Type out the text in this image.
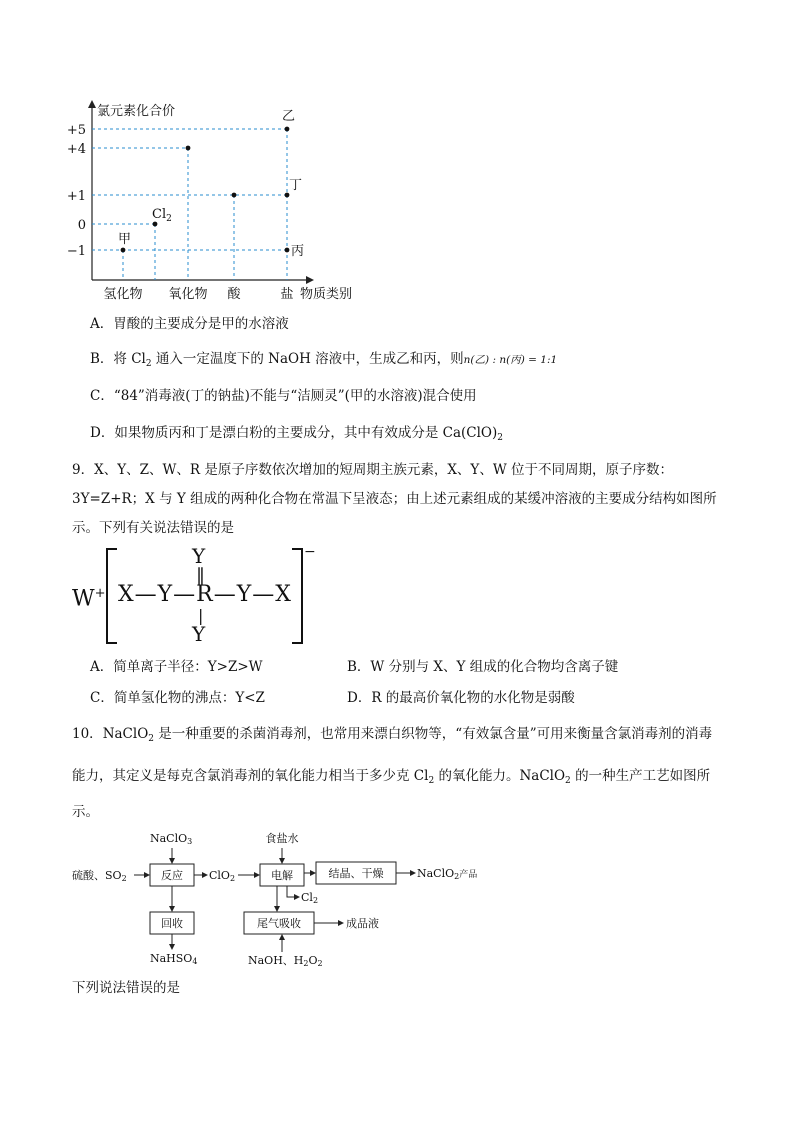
氯元素化合价
+5
+4
+1
0
−1
氢化物 氧化物 酸	盐 物质类别
甲
$Cl_2$
乙
丁
丙
A．胃酸的主要成分是甲的水溶液
B．将 $Cl_2$ 通入一定温度下的 NaOH 溶液中，生成乙和丙，则n(乙) : n(丙) = 1:1
C．“84”消毒液(丁的钠盐)不能与“洁厕灵”(甲的水溶液)混合使用
D．如果物质丙和丁是漂白粉的主要成分，其中有效成分是 $Ca(ClO)_2$
9．X、Y、Z、W、R 是原子序数依次增加的短周期主族元素，X、Y、W 位于不同周期，原子序数：
3Y=Z+R；X 与 Y 组成的两种化合物在常温下呈液态；由上述元素组成的某缓冲溶液的主要成分结构如图所
示。下列有关说法错误的是
W+
Y
‖
X—Y—R—Y—X
|
Y
−
A．简单离子半径：Y>Z>W	B．W 分别与 X、Y 组成的化合物均含离子键
C．简单氢化物的沸点：Y<Z	D．R 的最高价氧化物的水化物是弱酸
10．NaClO$_2$ 是一种重要的杀菌消毒剂，也常用来漂白织物等，“有效氯含量”可用来衡量含氯消毒剂的消毒
能力，其定义是每克含氯消毒剂的氧化能力相当于多少克 $Cl_2$ 的氧化能力。NaClO$_2$ 的一种生产工艺如图所
示。
硫酸、SO2
NaClO3
反应 ClO2
食盐水
电解
Cl2
结晶、干燥	NaClO2产品
回收
NaHSO4
尾气吸收	成品液
NaOH、H2O2
下列说法错误的是
